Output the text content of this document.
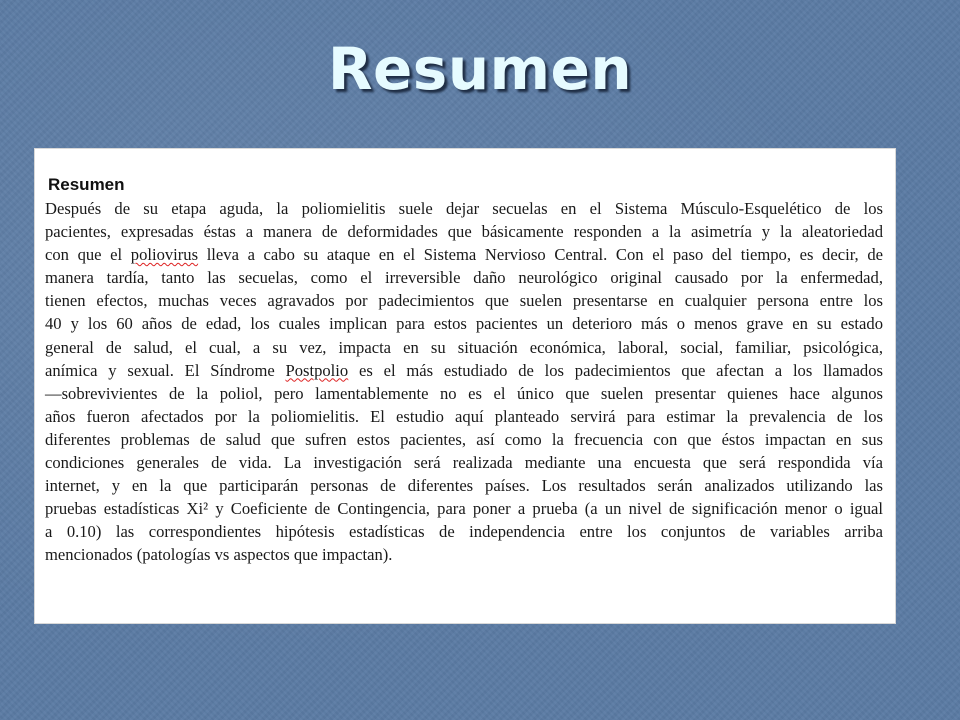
Resumen
Resumen
Después de su etapa aguda, la poliomielitis suele dejar secuelas en el Sistema Músculo-Esquelético de los
pacientes, expresadas éstas a manera de deformidades que básicamente responden a la asimetría y la aleatoriedad
con que el poliovirus lleva a cabo su ataque en el Sistema Nervioso Central. Con el paso del tiempo, es decir, de
manera tardía, tanto las secuelas, como el irreversible daño neurológico original causado por la enfermedad,
tienen efectos, muchas veces agravados por padecimientos que suelen presentarse en cualquier persona entre los
40 y los 60 años de edad, los cuales implican para estos pacientes un deterioro más o menos grave en su estado
general de salud, el cual, a su vez, impacta en su situación económica, laboral, social, familiar, psicológica,
anímica y sexual. El Síndrome Postpolio es el más estudiado de los padecimientos que afectan a los llamados
—sobrevivientes de la poliol, pero lamentablemente no es el único que suelen presentar quienes hace algunos
años fueron afectados por la poliomielitis. El estudio aquí planteado servirá para estimar la prevalencia de los
diferentes problemas de salud que sufren estos pacientes, así como la frecuencia con que éstos impactan en sus
condiciones generales de vida. La investigación será realizada mediante una encuesta que será respondida vía
internet, y en la que participarán personas de diferentes países. Los resultados serán analizados utilizando las
pruebas estadísticas Xi² y Coeficiente de Contingencia, para poner a prueba (a un nivel de significación menor o igual
a 0.10) las correspondientes hipótesis estadísticas de independencia entre los conjuntos de variables arriba
mencionados (patologías vs aspectos que impactan).
